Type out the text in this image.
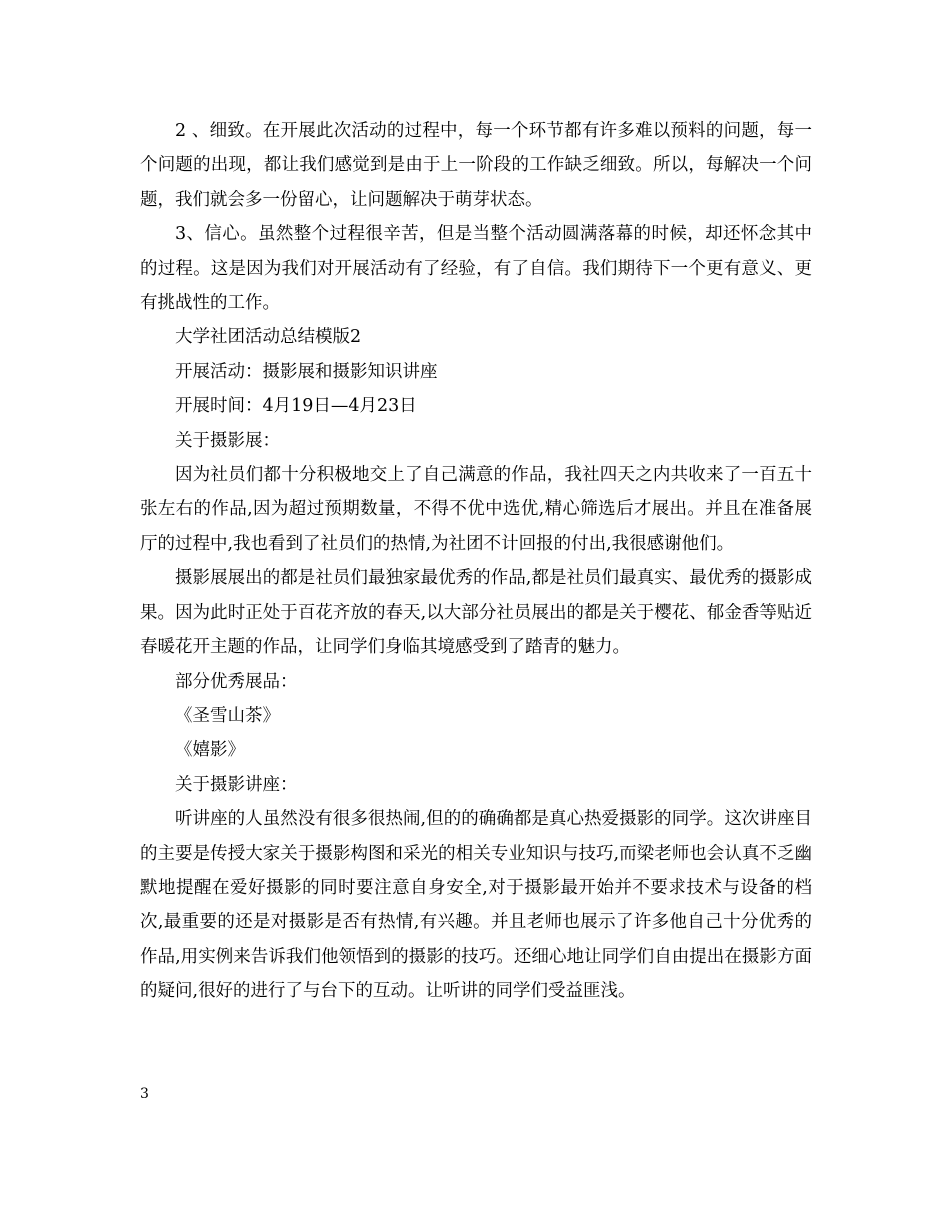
2 、细致。在开展此次活动的过程中，每一个环节都有许多难以预料的问题，每一个问题的出现，都让我们感觉到是由于上一阶段的工作缺乏细致。所以，每解决一个问题，我们就会多一份留心，让问题解决于萌芽状态。

3、信心。虽然整个过程很辛苦，但是当整个活动圆满落幕的时候，却还怀念其中的过程。这是因为我们对开展活动有了经验，有了自信。我们期待下一个更有意义、更有挑战性的工作。

大学社团活动总结模版2

开展活动：摄影展和摄影知识讲座

开展时间：4月19日—4月23日

关于摄影展：

因为社员们都十分积极地交上了自己满意的作品，我社四天之内共收来了一百五十张左右的作品,因为超过预期数量，不得不优中选优,精心筛选后才展出。并且在准备展厅的过程中,我也看到了社员们的热情,为社团不计回报的付出,我很感谢他们。

摄影展展出的都是社员们最独家最优秀的作品,都是社员们最真实、最优秀的摄影成果。因为此时正处于百花齐放的春天,以大部分社员展出的都是关于樱花、郁金香等贴近春暖花开主题的作品，让同学们身临其境感受到了踏青的魅力。

部分优秀展品：

《圣雪山茶》

《嬉影》

关于摄影讲座：

听讲座的人虽然没有很多很热闹,但的的确确都是真心热爱摄影的同学。这次讲座目的主要是传授大家关于摄影构图和采光的相关专业知识与技巧,而梁老师也会认真不乏幽默地提醒在爱好摄影的同时要注意自身安全,对于摄影最开始并不要求技术与设备的档次,最重要的还是对摄影是否有热情,有兴趣。并且老师也展示了许多他自己十分优秀的作品,用实例来告诉我们他领悟到的摄影的技巧。还细心地让同学们自由提出在摄影方面的疑问,很好的进行了与台下的互动。让听讲的同学们受益匪浅。

3
